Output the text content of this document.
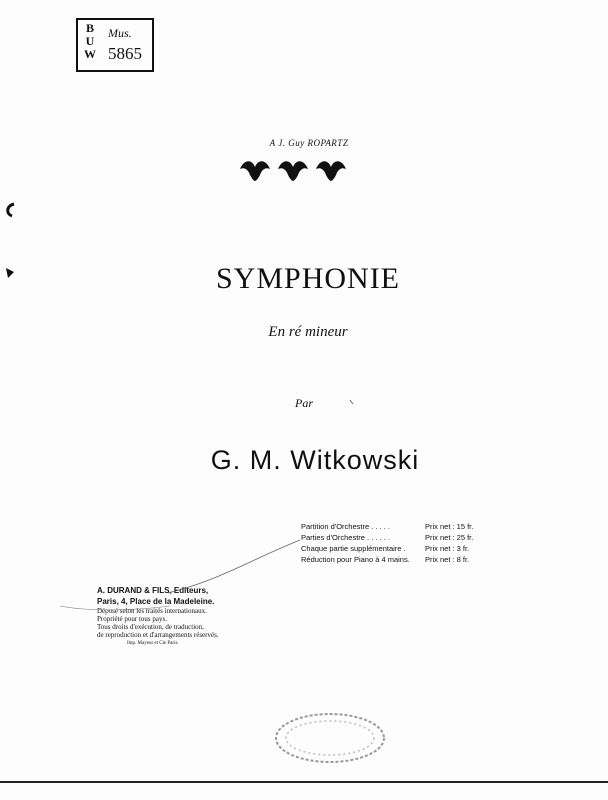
B
U
W
Mus.
5865
A J. Guy ROPARTZ
SYMPHONIE
En ré mineur
Par
G. M. Witkowski
Partition d'Orchestre . . . . .	Prix net : 15 fr.
Parties d'Orchestre . . . . . .	Prix net : 25 fr.
Chaque partie supplémentaire .	Prix net : 3 fr.
Réduction pour Piano à 4 mains. Prix net : 8 fr.
A. DURAND & FILS, Editeurs,
Paris, 4, Place de la Madeleine.
Déposé selon les traités internationaux.
Propriété pour tous pays.
Tous droits d'exécution, de traduction,
de reproduction et d'arrangements réservés.
Imp. Mayeur et Cie Paris.
